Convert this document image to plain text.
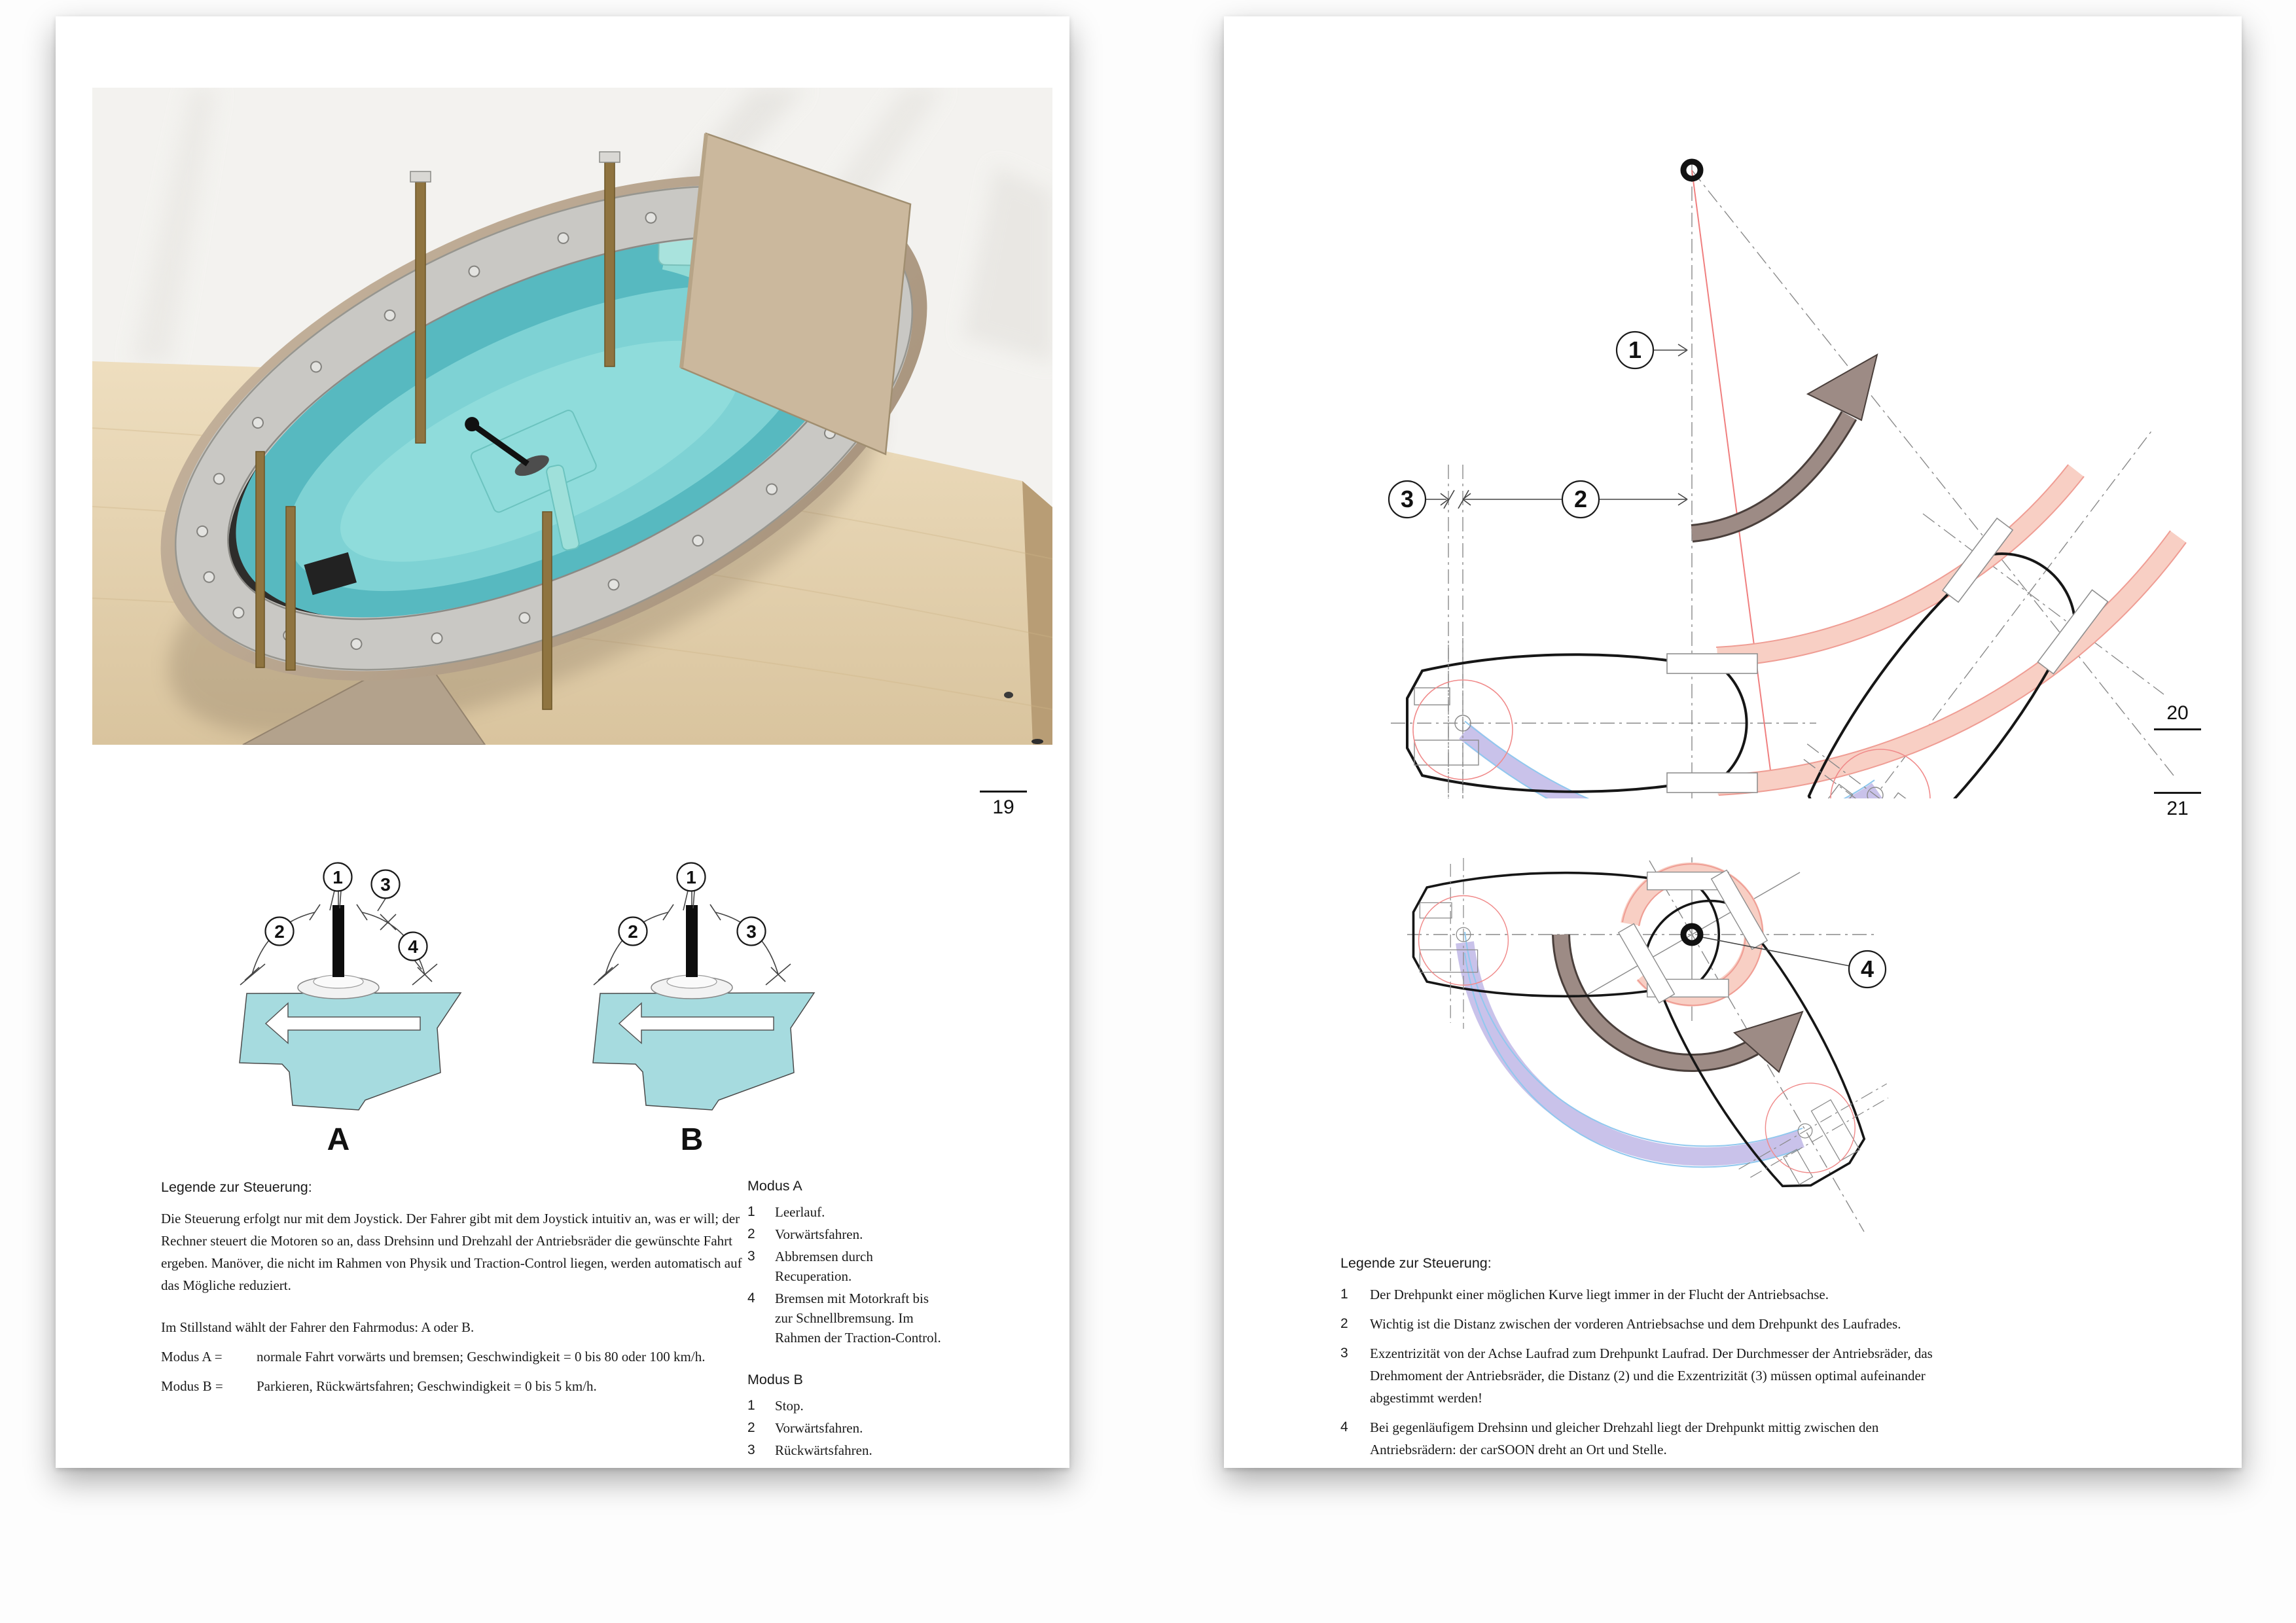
19
1
2
3
4
A
1
2	3
B
Legende zur Steuerung:

Die Steuerung erfolgt nur mit dem Joystick. Der Fahrer gibt mit dem Joystick intuitiv an, was er will; der Rechner steuert die Motoren so an, dass Drehsinn und Drehzahl der Antriebsräder die gewünschte Fahrt ergeben. Manöver, die nicht im Rahmen von Physik und Traction-Control liegen, werden automatisch auf das Mögliche reduziert.

Im Stillstand wählt der Fahrer den Fahrmodus: A oder B.

Modus A =	normale Fahrt vorwärts und bremsen; Geschwindigkeit = 0 bis 80 oder 100 km/h.
Modus B =	Parkieren, Rückwärtsfahren; Geschwindigkeit = 0 bis 5 km/h.
Modus A
1	Leerlauf.

2	Vorwärtsfahren.

3	Abbremsen durch Recuperation.

4	Bremsen mit Motorkraft bis zur Schnellbremsung. Im Rahmen der Traction-Control.

Modus B
1	Stop.

2	Vorwärtsfahren.

3	Rückwärtsfahren.

1
2
3
20
21
4
Legende zur Steuerung:
1	Der Drehpunkt einer möglichen Kurve liegt immer in der Flucht der Antriebsachse.

2	Wichtig ist die Distanz zwischen der vorderen Antriebsachse und dem Drehpunkt des Laufrades.

3	Exzentrizität von der Achse Laufrad zum Drehpunkt Laufrad. Der Durchmesser der Antriebsräder, das Drehmoment der Antriebsräder, die Distanz (2) und die Exzentrizität (3) müssen optimal aufeinander abgestimmt werden!

4	Bei gegenläufigem Drehsinn und gleicher Drehzahl liegt der Drehpunkt mittig zwischen den Antriebsrädern: der carSOON dreht an Ort und Stelle.
